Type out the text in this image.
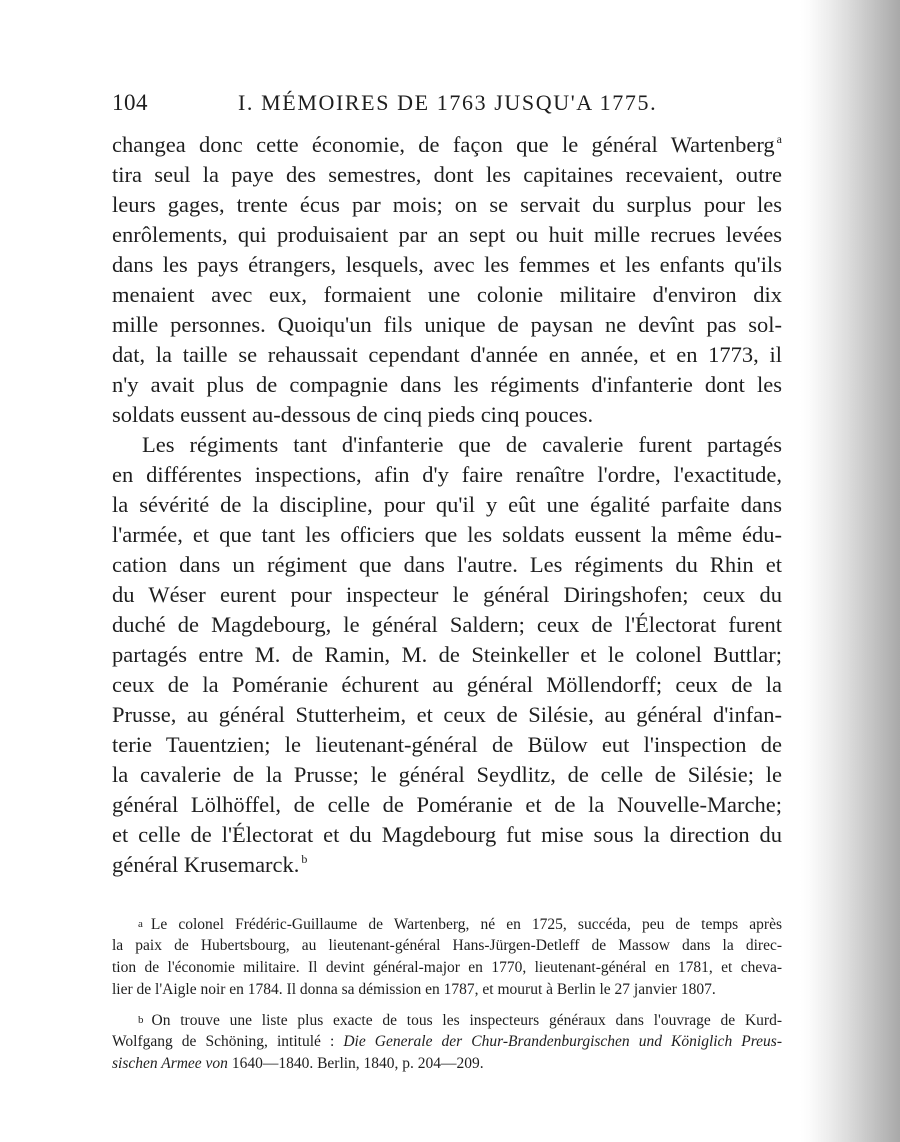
104	I. MÉMOIRES DE 1763 JUSQU'A 1775.
changea donc cette économie, de façon que le général Wartenberg $^a$
tira seul la paye des semestres, dont les capitaines recevaient, outre
leurs gages, trente écus par mois; on se servait du surplus pour les
enrôlements, qui produisaient par an sept ou huit mille recrues levées
dans les pays étrangers, lesquels, avec les femmes et les enfants qu'ils
menaient avec eux, formaient une colonie militaire d'environ dix
mille personnes. Quoiqu'un fils unique de paysan ne devînt pas sol-
dat, la taille se rehaussait cependant d'année en année, et en 1773, il
n'y avait plus de compagnie dans les régiments d'infanterie dont les
soldats eussent au-dessous de cinq pieds cinq pouces.
Les régiments tant d'infanterie que de cavalerie furent partagés
en différentes inspections, afin d'y faire renaître l'ordre, l'exactitude,
la sévérité de la discipline, pour qu'il y eût une égalité parfaite dans
l'armée, et que tant les officiers que les soldats eussent la même édu-
cation dans un régiment que dans l'autre. Les régiments du Rhin et
du Wéser eurent pour inspecteur le général Diringshofen; ceux du
duché de Magdebourg, le général Saldern; ceux de l'Électorat furent
partagés entre M. de Ramin, M. de Steinkeller et le colonel Buttlar;
ceux de la Poméranie échurent au général Möllendorff; ceux de la
Prusse, au général Stutterheim, et ceux de Silésie, au général d'infan-
terie Tauentzien; le lieutenant-général de Bülow eut l'inspection de
la cavalerie de la Prusse; le général Seydlitz, de celle de Silésie; le
général Lölhöffel, de celle de Poméranie et de la Nouvelle-Marche;
et celle de l'Électorat et du Magdebourg fut mise sous la direction du
général Krusemarck. $^b$
a Le colonel Frédéric-Guillaume de Wartenberg, né en 1725, succéda, peu de temps après
la paix de Hubertsbourg, au lieutenant-général Hans-Jürgen-Detleff de Massow dans la direc-
tion de l'économie militaire. Il devint général-major en 1770, lieutenant-général en 1781, et cheva-
lier de l'Aigle noir en 1784. Il donna sa démission en 1787, et mourut à Berlin le 27 janvier 1807.
b On trouve une liste plus exacte de tous les inspecteurs généraux dans l'ouvrage de Kurd-
Wolfgang de Schöning, intitulé : Die Generale der Chur-Brandenburgischen und Königlich Preus-
sischen Armee von 1640—1840. Berlin, 1840, p. 204—209.
